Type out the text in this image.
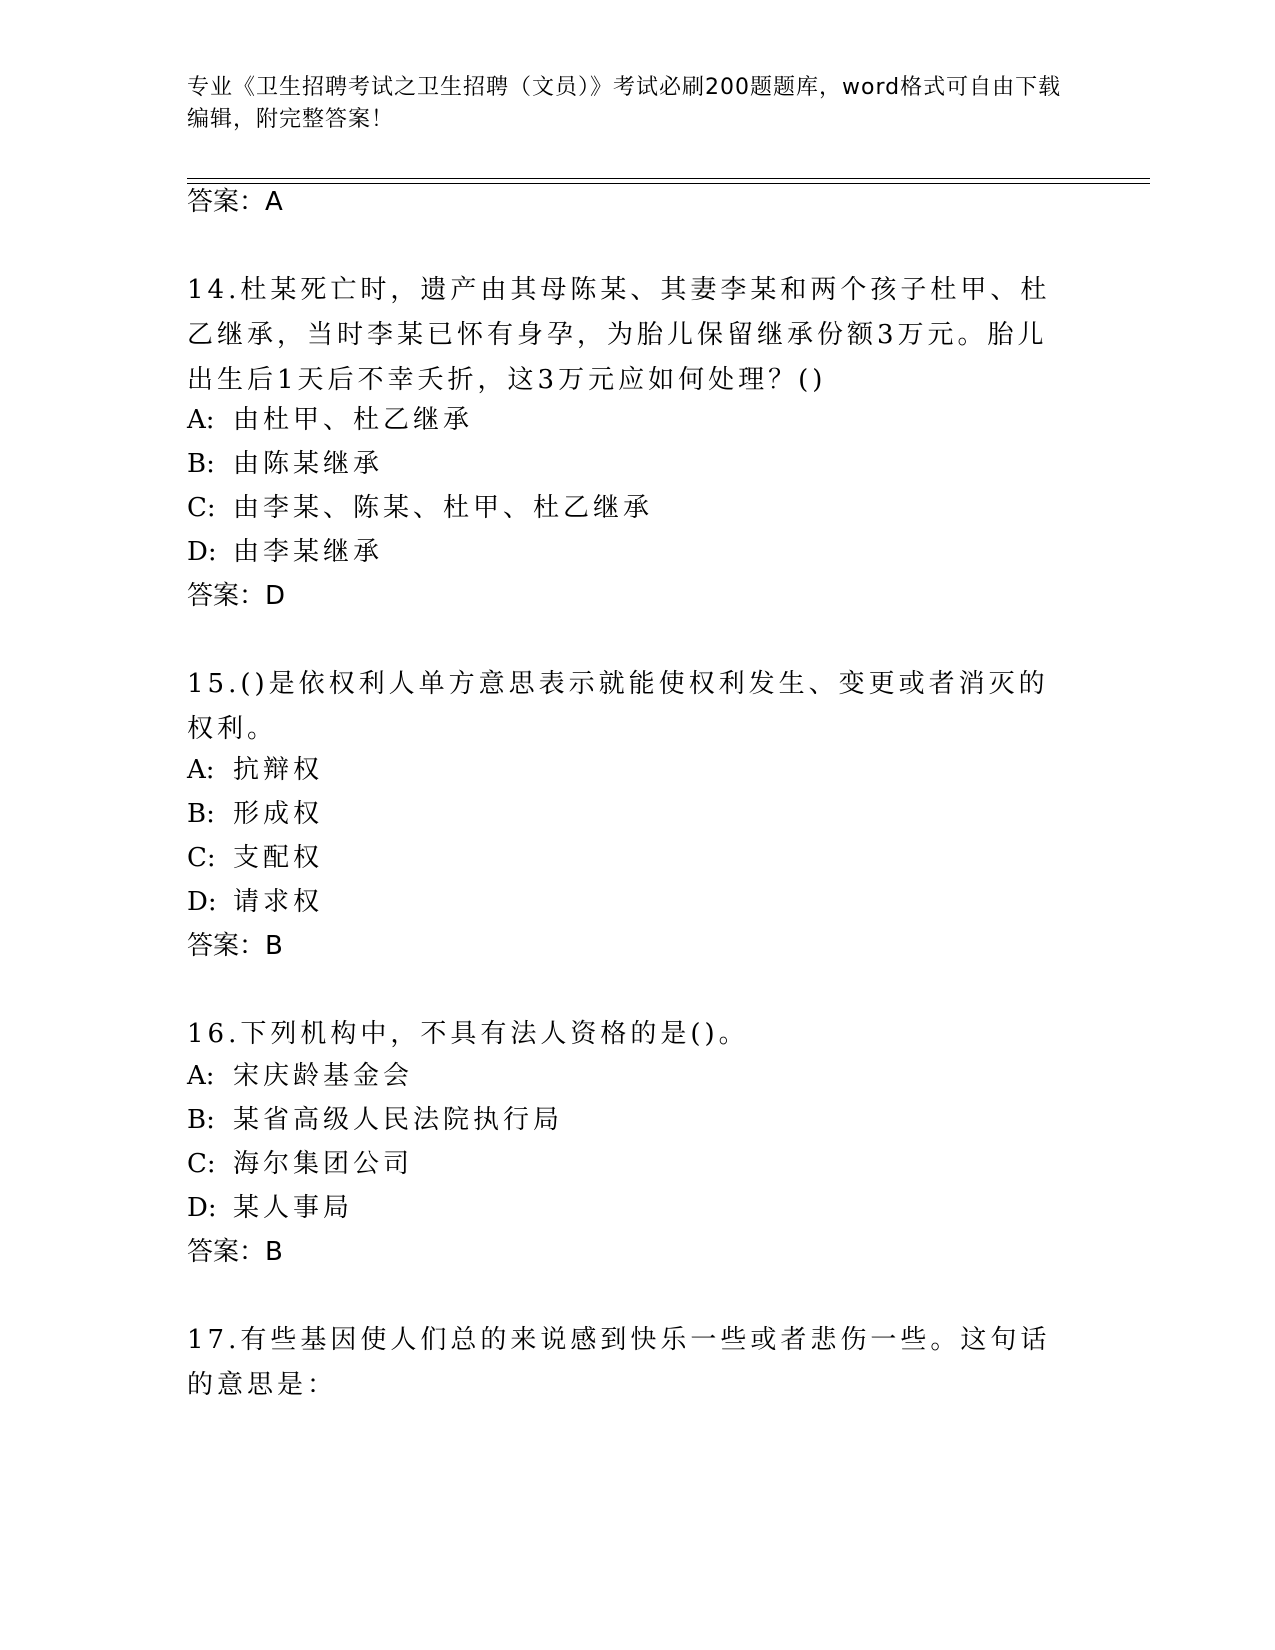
专业《卫生招聘考试之卫生招聘（文员）》考试必刷200题题库，word格式可自由下载编辑，附完整答案！
答案：A
14.杜某死亡时，遗产由其母陈某、其妻李某和两个孩子杜甲、杜乙继承，当时李某已怀有身孕，为胎儿保留继承份额3万元。胎儿出生后1天后不幸夭折，这3万元应如何处理？()
A: 由杜甲、杜乙继承
B: 由陈某继承
C: 由李某、陈某、杜甲、杜乙继承
D: 由李某继承
答案：D
15.()是依权利人单方意思表示就能使权利发生、变更或者消灭的权利。
A: 抗辩权
B: 形成权
C: 支配权
D: 请求权
答案：B
16.下列机构中，不具有法人资格的是()。
A: 宋庆龄基金会
B: 某省高级人民法院执行局
C: 海尔集团公司
D: 某人事局
答案：B
17.有些基因使人们总的来说感到快乐一些或者悲伤一些。这句话的意思是：
